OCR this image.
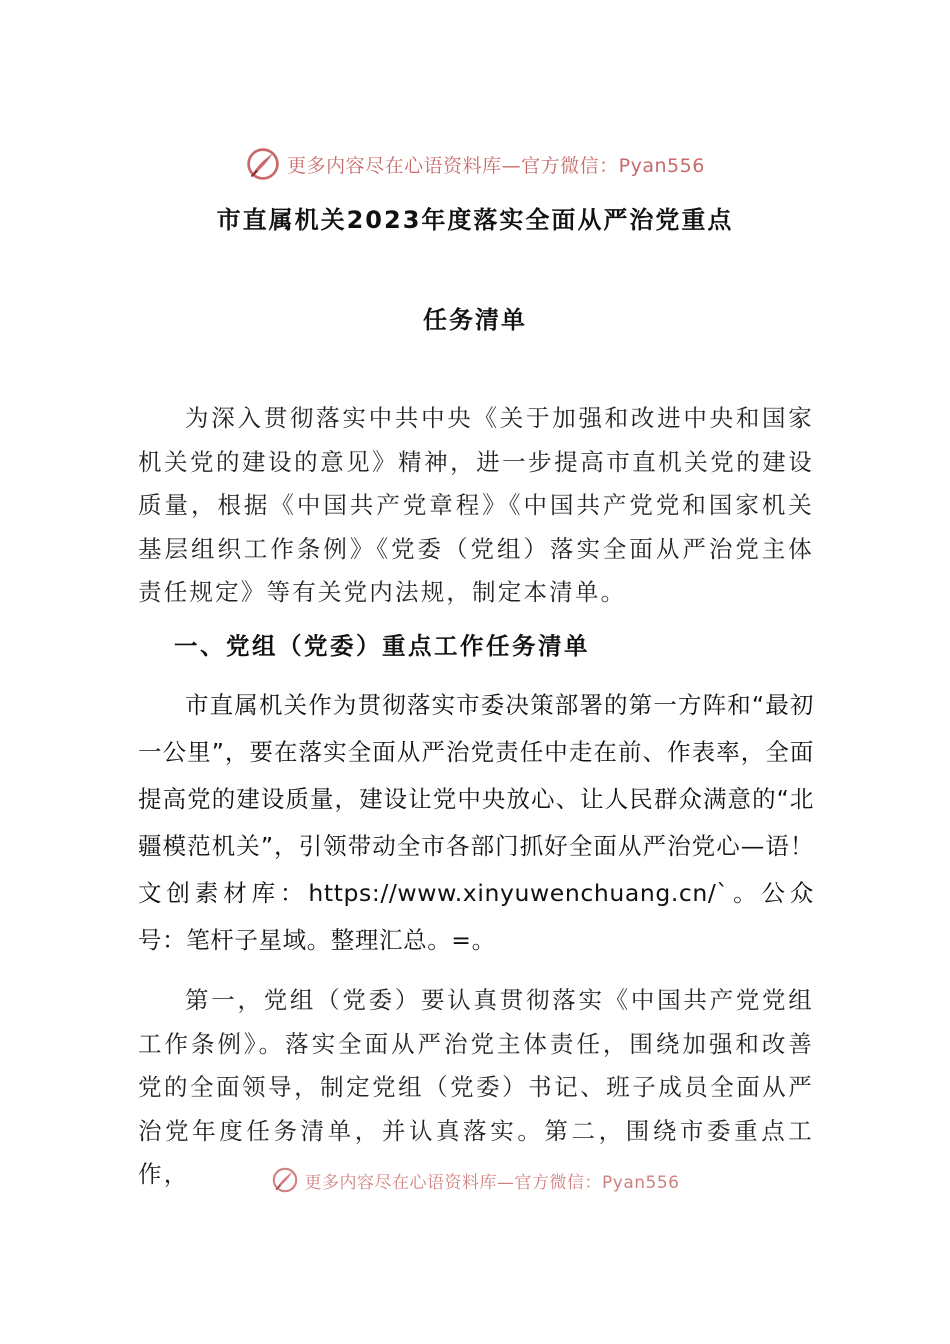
更多内容尽在心语资料库—官方微信：Pyan556
市直属机关2023年度落实全面从严治党重点
任务清单

为深入贯彻落实中共中央《关于加强和改进中央和国家机关党的建设的意见》精神，进一步提高市直机关党的建设质量，根据《中国共产党章程》《中国共产党党和国家机关基层组织工作条例》《党委（党组）落实全面从严治党主体责任规定》等有关党内法规，制定本清单。

一、党组（党委）重点工作任务清单

市直属机关作为贯彻落实市委决策部署的第一方阵和“最初一公里”，要在落实全面从严治党责任中走在前、作表率，全面提高党的建设质量，建设让党中央放心、让人民群众满意的“北疆模范机关”，引领带动全市各部门抓好全面从严治党心—语！文创素材库：https://www.xinyuwenchuang.cn/`。公众号：笔杆子星域。整理汇总。=。

第一，党组（党委）要认真贯彻落实《中国共产党党组工作条例》。落实全面从严治党主体责任，围绕加强和改善党的全面领导，制定党组（党委）书记、班子成员全面从严治党年度任务清单，并认真落实。第二，围绕市委重点工作，	更多内容尽在心语资料库—官方微信：Pyan556
